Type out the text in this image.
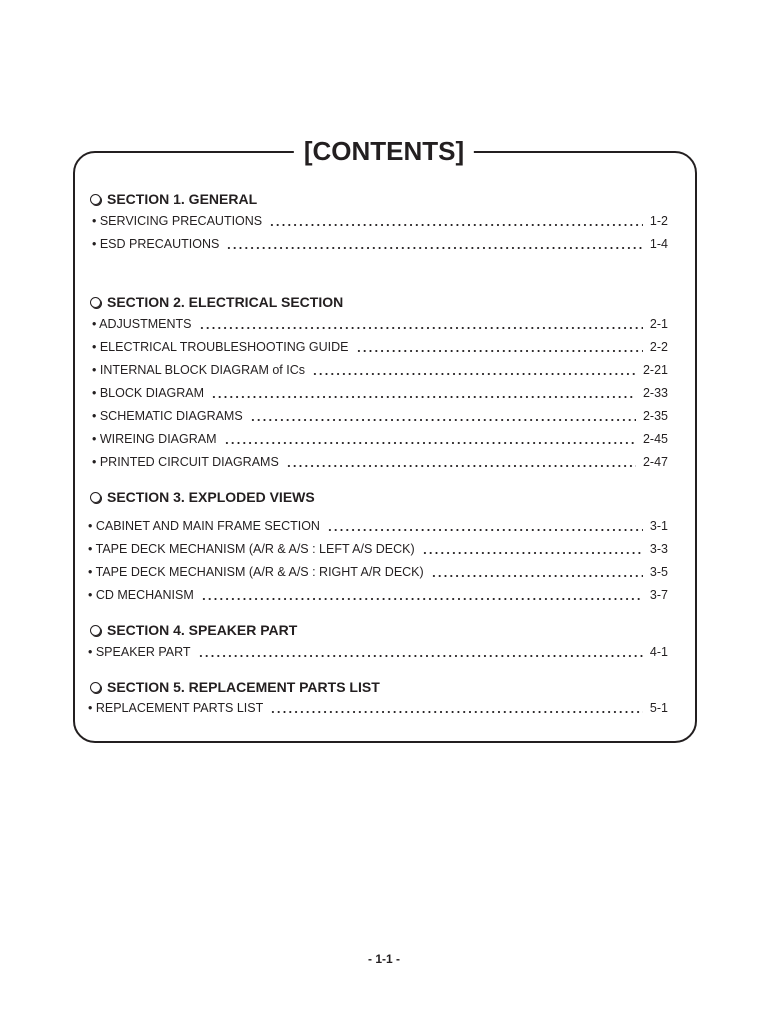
[CONTENTS]
SECTION 1. GENERAL
• SERVICING PRECAUTIONS	1-2
• ESD PRECAUTIONS	1-4
SECTION 2. ELECTRICAL SECTION
• ADJUSTMENTS	2-1
• ELECTRICAL TROUBLESHOOTING GUIDE	2-2
• INTERNAL BLOCK DIAGRAM of ICs	2-21
• BLOCK DIAGRAM	2-33
• SCHEMATIC DIAGRAMS	2-35
• WIREING DIAGRAM	2-45
• PRINTED CIRCUIT DIAGRAMS	2-47
SECTION 3. EXPLODED VIEWS
• CABINET AND MAIN FRAME SECTION	3-1
• TAPE DECK MECHANISM (A/R & A/S : LEFT A/S DECK)	3-3
• TAPE DECK MECHANISM (A/R & A/S : RIGHT A/R DECK)	3-5
• CD MECHANISM	3-7
SECTION 4. SPEAKER PART
• SPEAKER PART	4-1
SECTION 5. REPLACEMENT PARTS LIST
• REPLACEMENT PARTS LIST	5-1
- 1-1 -
